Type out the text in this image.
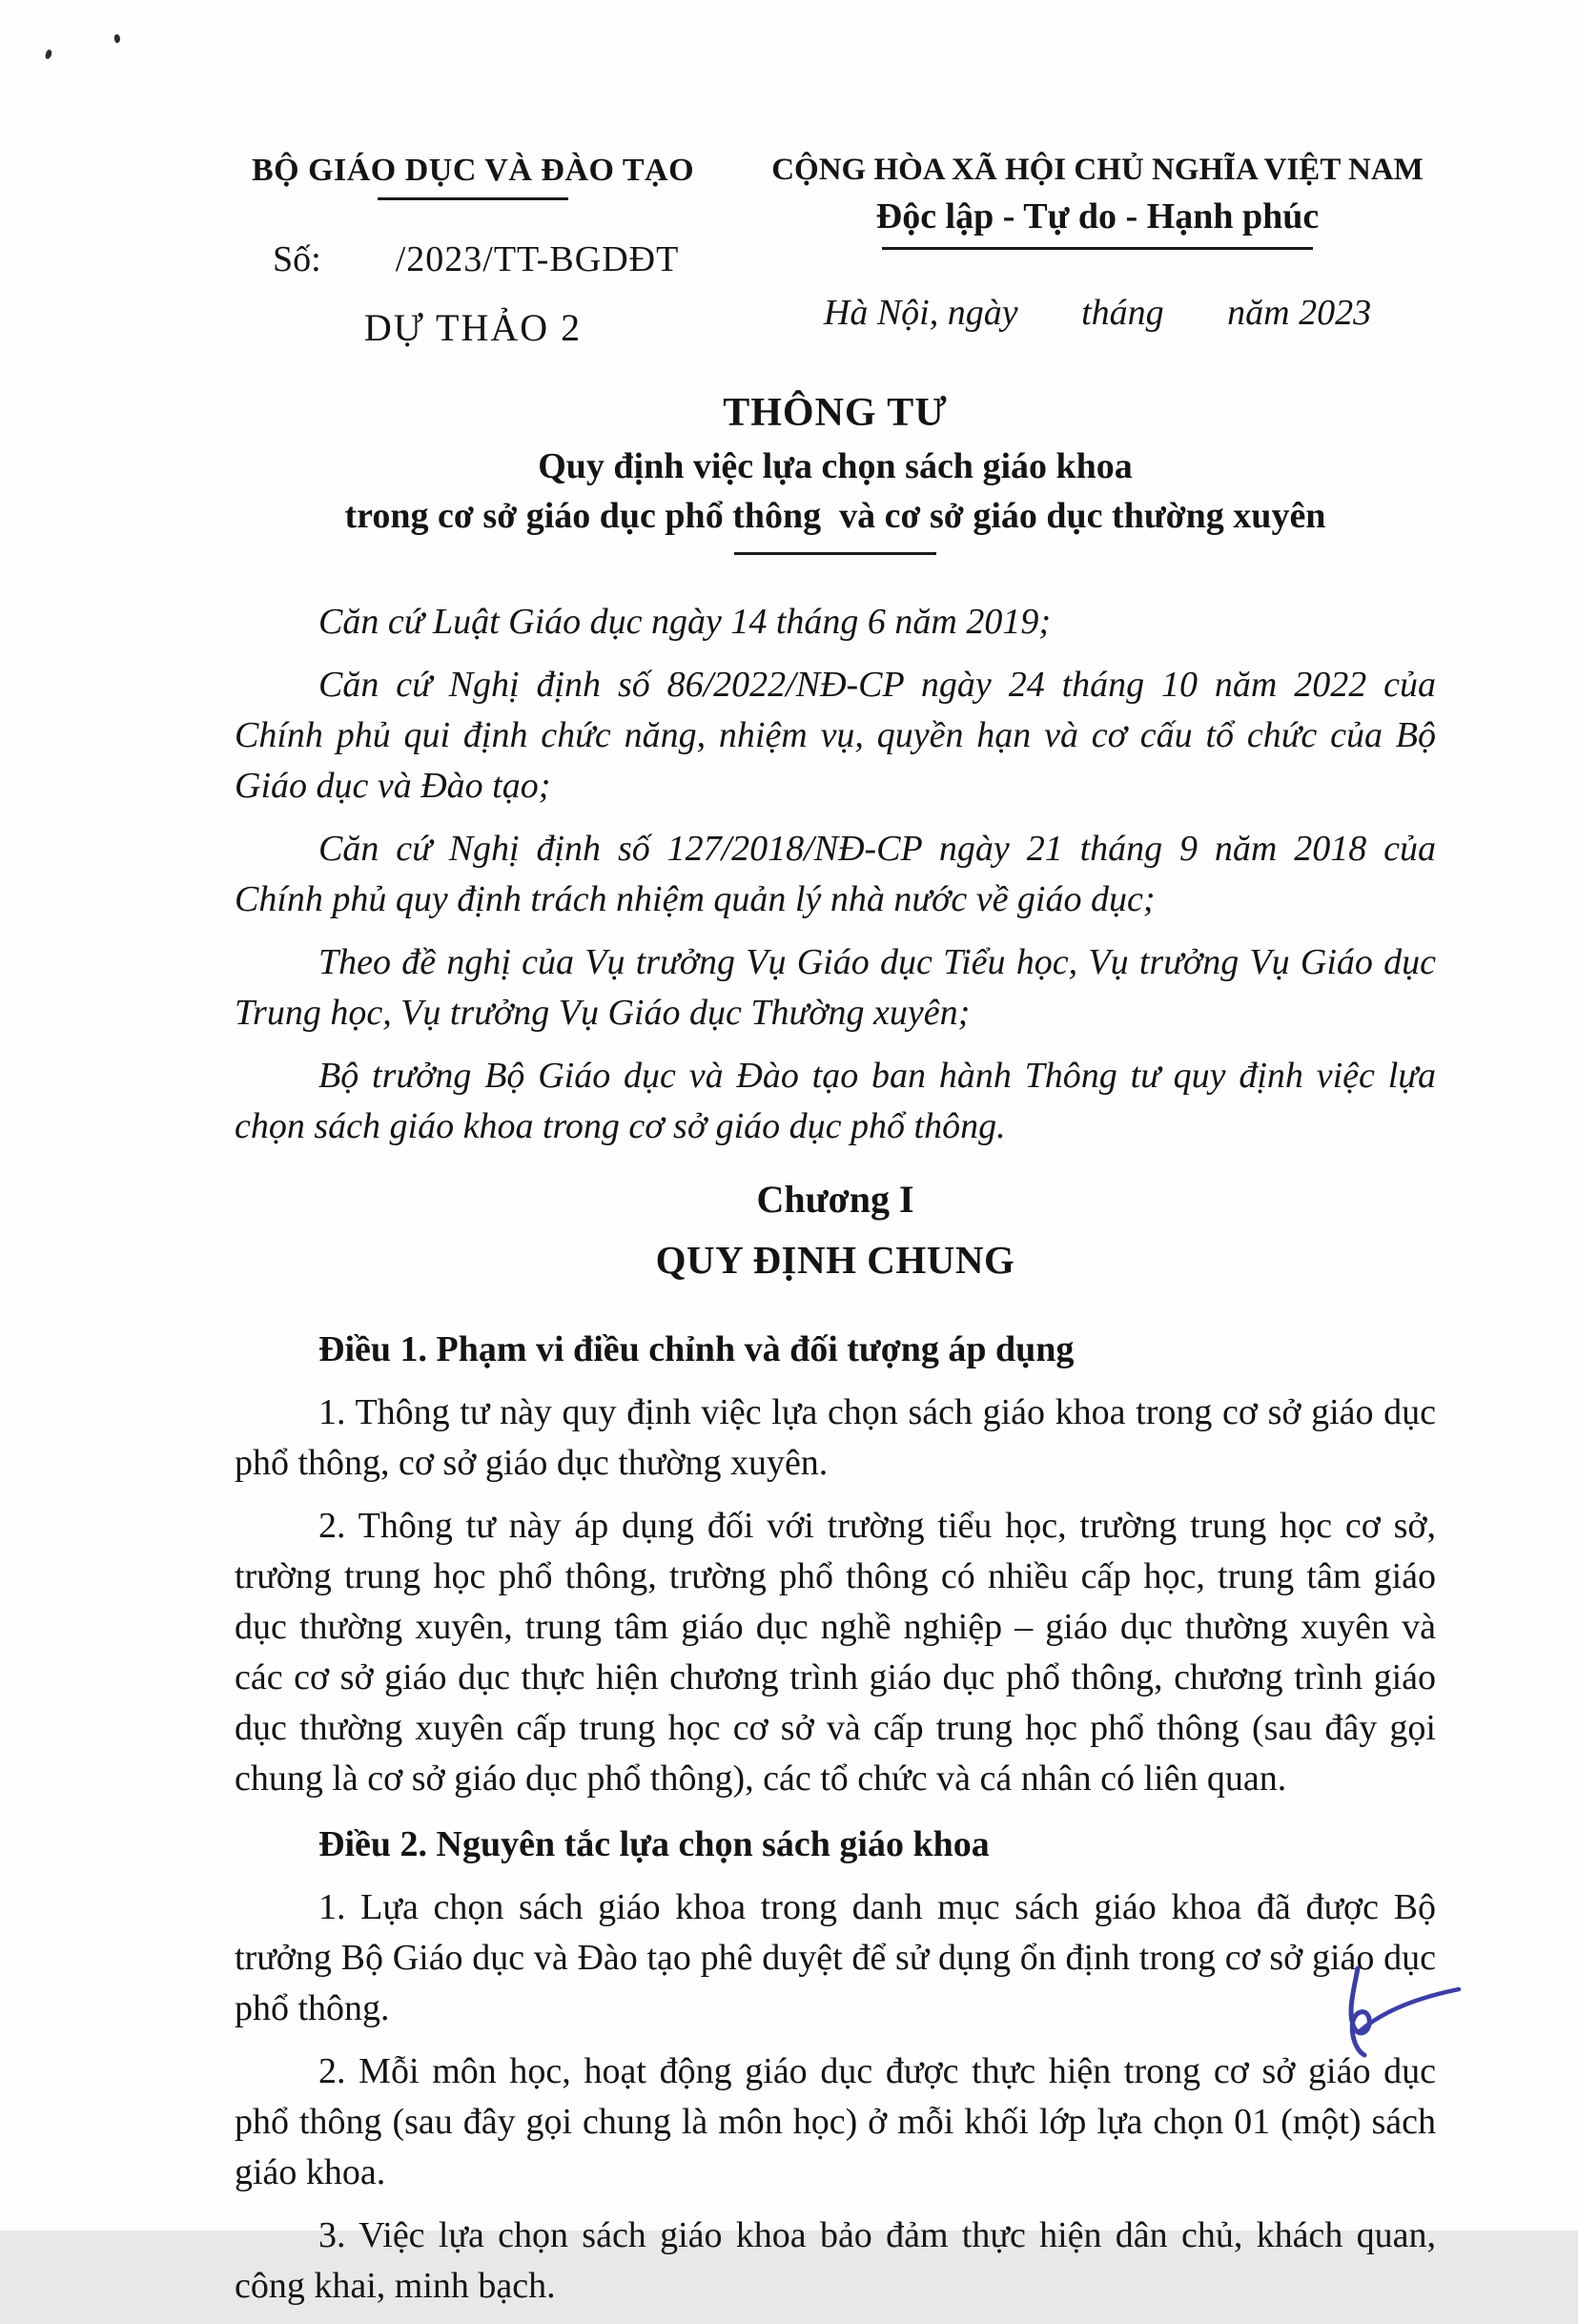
BỘ GIÁO DỤC VÀ ĐÀO TẠO
Số: /2023/TT-BGDĐT
DỰ THẢO 2
CỘNG HÒA XÃ HỘI CHỦ NGHĨA VIỆT NAM
Độc lập - Tự do - Hạnh phúc
Hà Nội, ngày       tháng       năm 2023
THÔNG TƯ
Quy định việc lựa chọn sách giáo khoa
trong cơ sở giáo dục phổ thông  và cơ sở giáo dục thường xuyên

Căn cứ Luật Giáo dục ngày 14 tháng 6 năm 2019;

Căn cứ Nghị định số 86/2022/NĐ-CP ngày 24 tháng 10 năm 2022 của Chính phủ qui định chức năng, nhiệm vụ, quyền hạn và cơ cấu tổ chức của Bộ Giáo dục và Đào tạo;

Căn cứ Nghị định số 127/2018/NĐ-CP ngày 21 tháng 9 năm 2018 của Chính phủ quy định trách nhiệm quản lý nhà nước về giáo dục;

Theo đề nghị của Vụ trưởng Vụ Giáo dục Tiểu học, Vụ trưởng Vụ Giáo dục Trung học, Vụ trưởng Vụ Giáo dục Thường xuyên;

Bộ trưởng Bộ Giáo dục và Đào tạo ban hành Thông tư quy định việc lựa chọn sách giáo khoa trong cơ sở giáo dục phổ thông.

Chương I
QUY ĐỊNH CHUNG

Điều 1. Phạm vi điều chỉnh và đối tượng áp dụng

1. Thông tư này quy định việc lựa chọn sách giáo khoa trong cơ sở giáo dục phổ thông, cơ sở giáo dục thường xuyên.

2. Thông tư này áp dụng đối với trường tiểu học, trường trung học cơ sở, trường trung học phổ thông, trường phổ thông có nhiều cấp học, trung tâm giáo dục thường xuyên, trung tâm giáo dục nghề nghiệp – giáo dục thường xuyên và các cơ sở giáo dục thực hiện chương trình giáo dục phổ thông, chương trình giáo dục thường xuyên cấp trung học cơ sở và cấp trung học phổ thông (sau đây gọi chung là cơ sở giáo dục phổ thông), các tổ chức và cá nhân có liên quan.

Điều 2. Nguyên tắc lựa chọn sách giáo khoa

1. Lựa chọn sách giáo khoa trong danh mục sách giáo khoa đã được Bộ trưởng Bộ Giáo dục và Đào tạo phê duyệt để sử dụng ổn định trong cơ sở giáo dục phổ thông.

2. Mỗi môn học, hoạt động giáo dục được thực hiện trong cơ sở giáo dục phổ thông (sau đây gọi chung là môn học) ở mỗi khối lớp lựa chọn 01 (một) sách giáo khoa.

3. Việc lựa chọn sách giáo khoa bảo đảm thực hiện dân chủ, khách quan, công khai, minh bạch.
